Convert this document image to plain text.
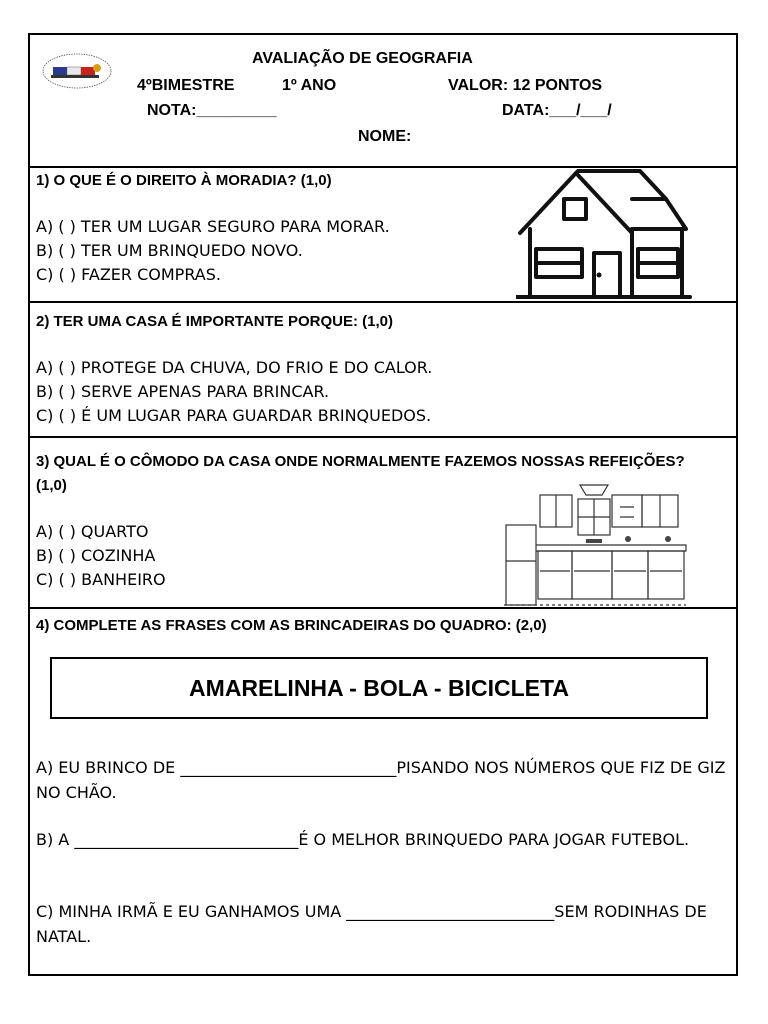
AVALIAÇÃO DE GEOGRAFIA
4ºBIMESTRE	1º ANO	VALOR: 12 PONTOS
NOTA:_________	DATA:___/___/
NOME:
1) O QUE É O DIREITO À MORADIA? (1,0)
A) ( ) TER UM LUGAR SEGURO PARA MORAR.
B) ( ) TER UM BRINQUEDO NOVO.
C) ( ) FAZER COMPRAS.
2) TER UMA CASA É IMPORTANTE PORQUE: (1,0)
A) ( ) PROTEGE DA CHUVA, DO FRIO E DO CALOR.
B) ( ) SERVE APENAS PARA BRINCAR.
C) ( ) É UM LUGAR PARA GUARDAR BRINQUEDOS.
3) QUAL É O CÔMODO DA CASA ONDE NORMALMENTE FAZEMOS NOSSAS REFEIÇÕES? (1,0)
A) ( ) QUARTO
B) ( ) COZINHA
C) ( ) BANHEIRO
4) COMPLETE AS FRASES COM AS BRINCADEIRAS DO QUADRO: (2,0)
AMARELINHA - BOLA - BICICLETA
A) EU BRINCO DE ___________________________PISANDO NOS NÚMEROS QUE FIZ DE GIZ NO CHÃO.
B) A ____________________________É O MELHOR BRINQUEDO PARA JOGAR FUTEBOL.
C) MINHA IRMÃ E EU GANHAMOS UMA __________________________SEM RODINHAS DE NATAL.
